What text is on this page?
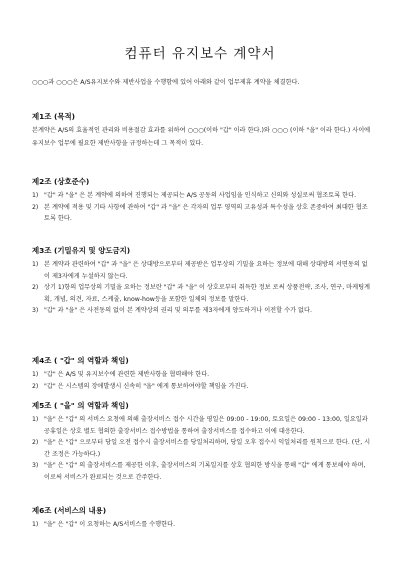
컴퓨터 유지보수 계약서

○○○과 ○○○은 A/S유지보수와 제반사업을 수행함에 있어 아래와 같이 업무제휴 계약을 체결한다.

제1조 (목적)

본계약은 A/S의 효율적인 관리와 비용절감 효과를 위하여 ○○○(이하 "갑" 이라 한다.)와 ○○○ (이하 "을" 이라 한다.) 사이에 유지보수 업무에 필요한 제반사항을 규정하는데 그 목적이 있다.

제2조 (상호준수)
1) "갑" 과 "을" 은 본 계약에 의하여 진행되는 제공되는 A/S 공동의 사업임을 인식하고 신의와 성실로써 협조토록 한다.
2) 본 계약에 적용 및 기타 사항에 관하여 "갑" 과 "을" 은 각자의 업무 영역의 고유성과 특수성을 상호 존중하여 최대한 협조토록 한다.
제3조 (기밀유지 및 양도금지)
1) 본 계약과 관련하여 "갑" 과 "을" 은 상대방으로부터 제공받은 업무상의 기밀을 요하는 정보에 대해 상대방의 서면동의 없이 제3자에게 누설하지 않는다.
2) 상기 1)항의 업무상의 기밀을 요하는 정보란 "갑" 과 "을" 이 상호로부터 취득한 정보 로써 상품전략, 조사, 연구, 마케팅계획, 개념, 의견, 자료, 스케줄, know-how등을 포함한 일체의 정보를 말한다.
3) "갑" 과 "을" 은 사전동의 없이 본 계약상의 권리 및 의무를 제3자에게 양도하거나 이전할 수가 없다.
제4조 ( "갑" 의 역할과 책임)
1) "갑" 은 A/S 및 유지보수에 관련한 제반사항을 협력해야 한다.
2) "갑" 은 시스템의 장애발생시 신속히 "을" 에게 통보하여야할 책임을 가진다.
제5조 ( "을" 의 역할과 책임)
1) "을" 은 "갑" 의 서비스 요청에 의해 출장서비스 접수 시간을 평일은 09:00 - 19:00, 토요일은 09:00 - 13:00, 일요일과 공휴일은 상호 별도 협의한 출장서비스 접수방법을 통하여 출장서비스를 접수하고 이에 대응한다.
2) "을" 은 "갑" 으로부터 당일 오전 접수시 출장서비스를 당일처리하며, 당일 오후 접수시 익일처리를 원칙으로 한다. (단, 시간 조정은 가능하다.)
3) "을" 은 "갑" 의 출장서비스를 제공한 이후, 출장서비스의 기록일지를 상호 협의한 방식을 통해 "갑" 에게 통보해야 하며, 이로써 서비스가 완료되는 것으로 간주한다.
제6조 (서비스의 내용)
1) "을" 은 "갑" 이 요청하는 A/S서비스를 수행한다.
